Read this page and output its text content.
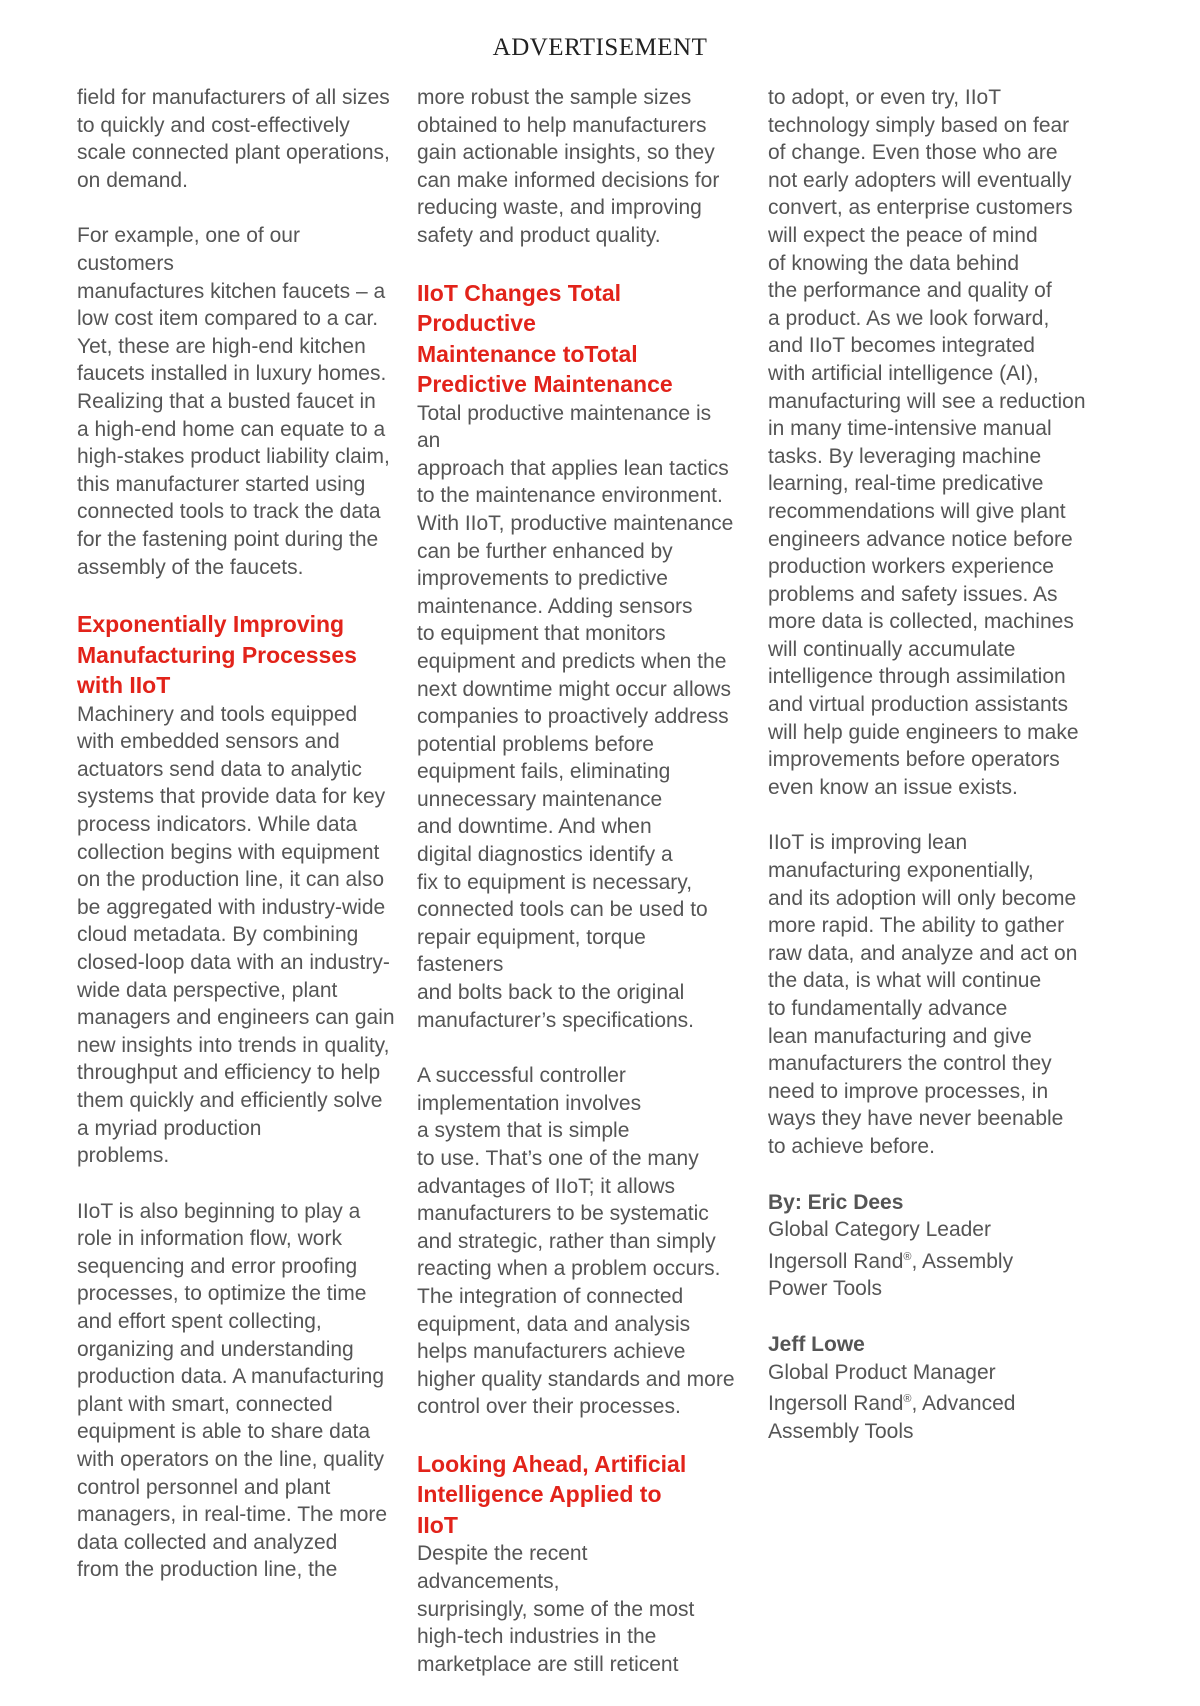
ADVERTISEMENT

field for manufacturers of all sizes
to quickly and cost-effectively
scale connected plant operations,
on demand.

For example, one of our customers
manufactures kitchen faucets – a
low cost item compared to a car.
Yet, these are high-end kitchen
faucets installed in luxury homes.
Realizing that a busted faucet in
a high-end home can equate to a
high-stakes product liability claim,
this manufacturer started using
connected tools to track the data
for the fastening point during the
assembly of the faucets.

Exponentially Improving
Manufacturing Processes
with IIoT

Machinery and tools equipped
with embedded sensors and
actuators send data to analytic
systems that provide data for key
process indicators. While data
collection begins with equipment
on the production line, it can also
be aggregated with industry-wide
cloud metadata. By combining
closed-loop data with an industry-
wide data perspective, plant
managers and engineers can gain
new insights into trends in quality,
throughput and efficiency to help
them quickly and efficiently solve
a myriad production
problems.

IIoT is also beginning to play a
role in information flow, work
sequencing and error proofing
processes, to optimize the time
and effort spent collecting,
organizing and understanding
production data. A manufacturing
plant with smart, connected
equipment is able to share data
with operators on the line, quality
control personnel and plant
managers, in real-time. The more
data collected and analyzed
from the production line, the

more robust the sample sizes
obtained to help manufacturers
gain actionable insights, so they
can make informed decisions for
reducing waste, and improving
safety and product quality.

IIoT Changes Total Productive
Maintenance toTotal
Predictive Maintenance

Total productive maintenance is an
approach that applies lean tactics
to the maintenance environment.
With IIoT, productive maintenance
can be further enhanced by
improvements to predictive
maintenance. Adding sensors
to equipment that monitors
equipment and predicts when the
next downtime might occur allows
companies to proactively address
potential problems before
equipment fails, eliminating
unnecessary maintenance
and downtime. And when
digital diagnostics identify a
fix to equipment is necessary,
connected tools can be used to
repair equipment, torque fasteners
and bolts back to the original
manufacturer’s specifications.

A successful controller
implementation involves
a system that is simple
to use. That’s one of the many
advantages of IIoT; it allows
manufacturers to be systematic
and strategic, rather than simply
reacting when a problem occurs.
The integration of connected
equipment, data and analysis
helps manufacturers achieve
higher quality standards and more
control over their processes.

Looking Ahead, Artificial
Intelligence Applied to
IIoT

Despite the recent advancements,
surprisingly, some of the most
high-tech industries in the
marketplace are still reticent

to adopt, or even try, IIoT
technology simply based on fear
of change. Even those who are
not early adopters will eventually
convert, as enterprise customers
will expect the peace of mind
of knowing the data behind
the performance and quality of
a product. As we look forward,
and IIoT becomes integrated
with artificial intelligence (AI),
manufacturing will see a reduction
in many time-intensive manual
tasks. By leveraging machine
learning, real-time predicative
recommendations will give plant
engineers advance notice before
production workers experience
problems and safety issues. As
more data is collected, machines
will continually accumulate
intelligence through assimilation
and virtual production assistants
will help guide engineers to make
improvements before operators
even know an issue exists.

IIoT is improving lean
manufacturing exponentially,
and its adoption will only become
more rapid. The ability to gather
raw data, and analyze and act on
the data, is what will continue
to fundamentally advance
lean manufacturing and give
manufacturers the control they
need to improve processes, in
ways they have never beenable
to achieve before.

By: Eric Dees

Global Category Leader

Ingersoll Rand®, Assembly

Power Tools

Jeff Lowe

Global Product Manager

Ingersoll Rand®, Advanced

Assembly Tools
